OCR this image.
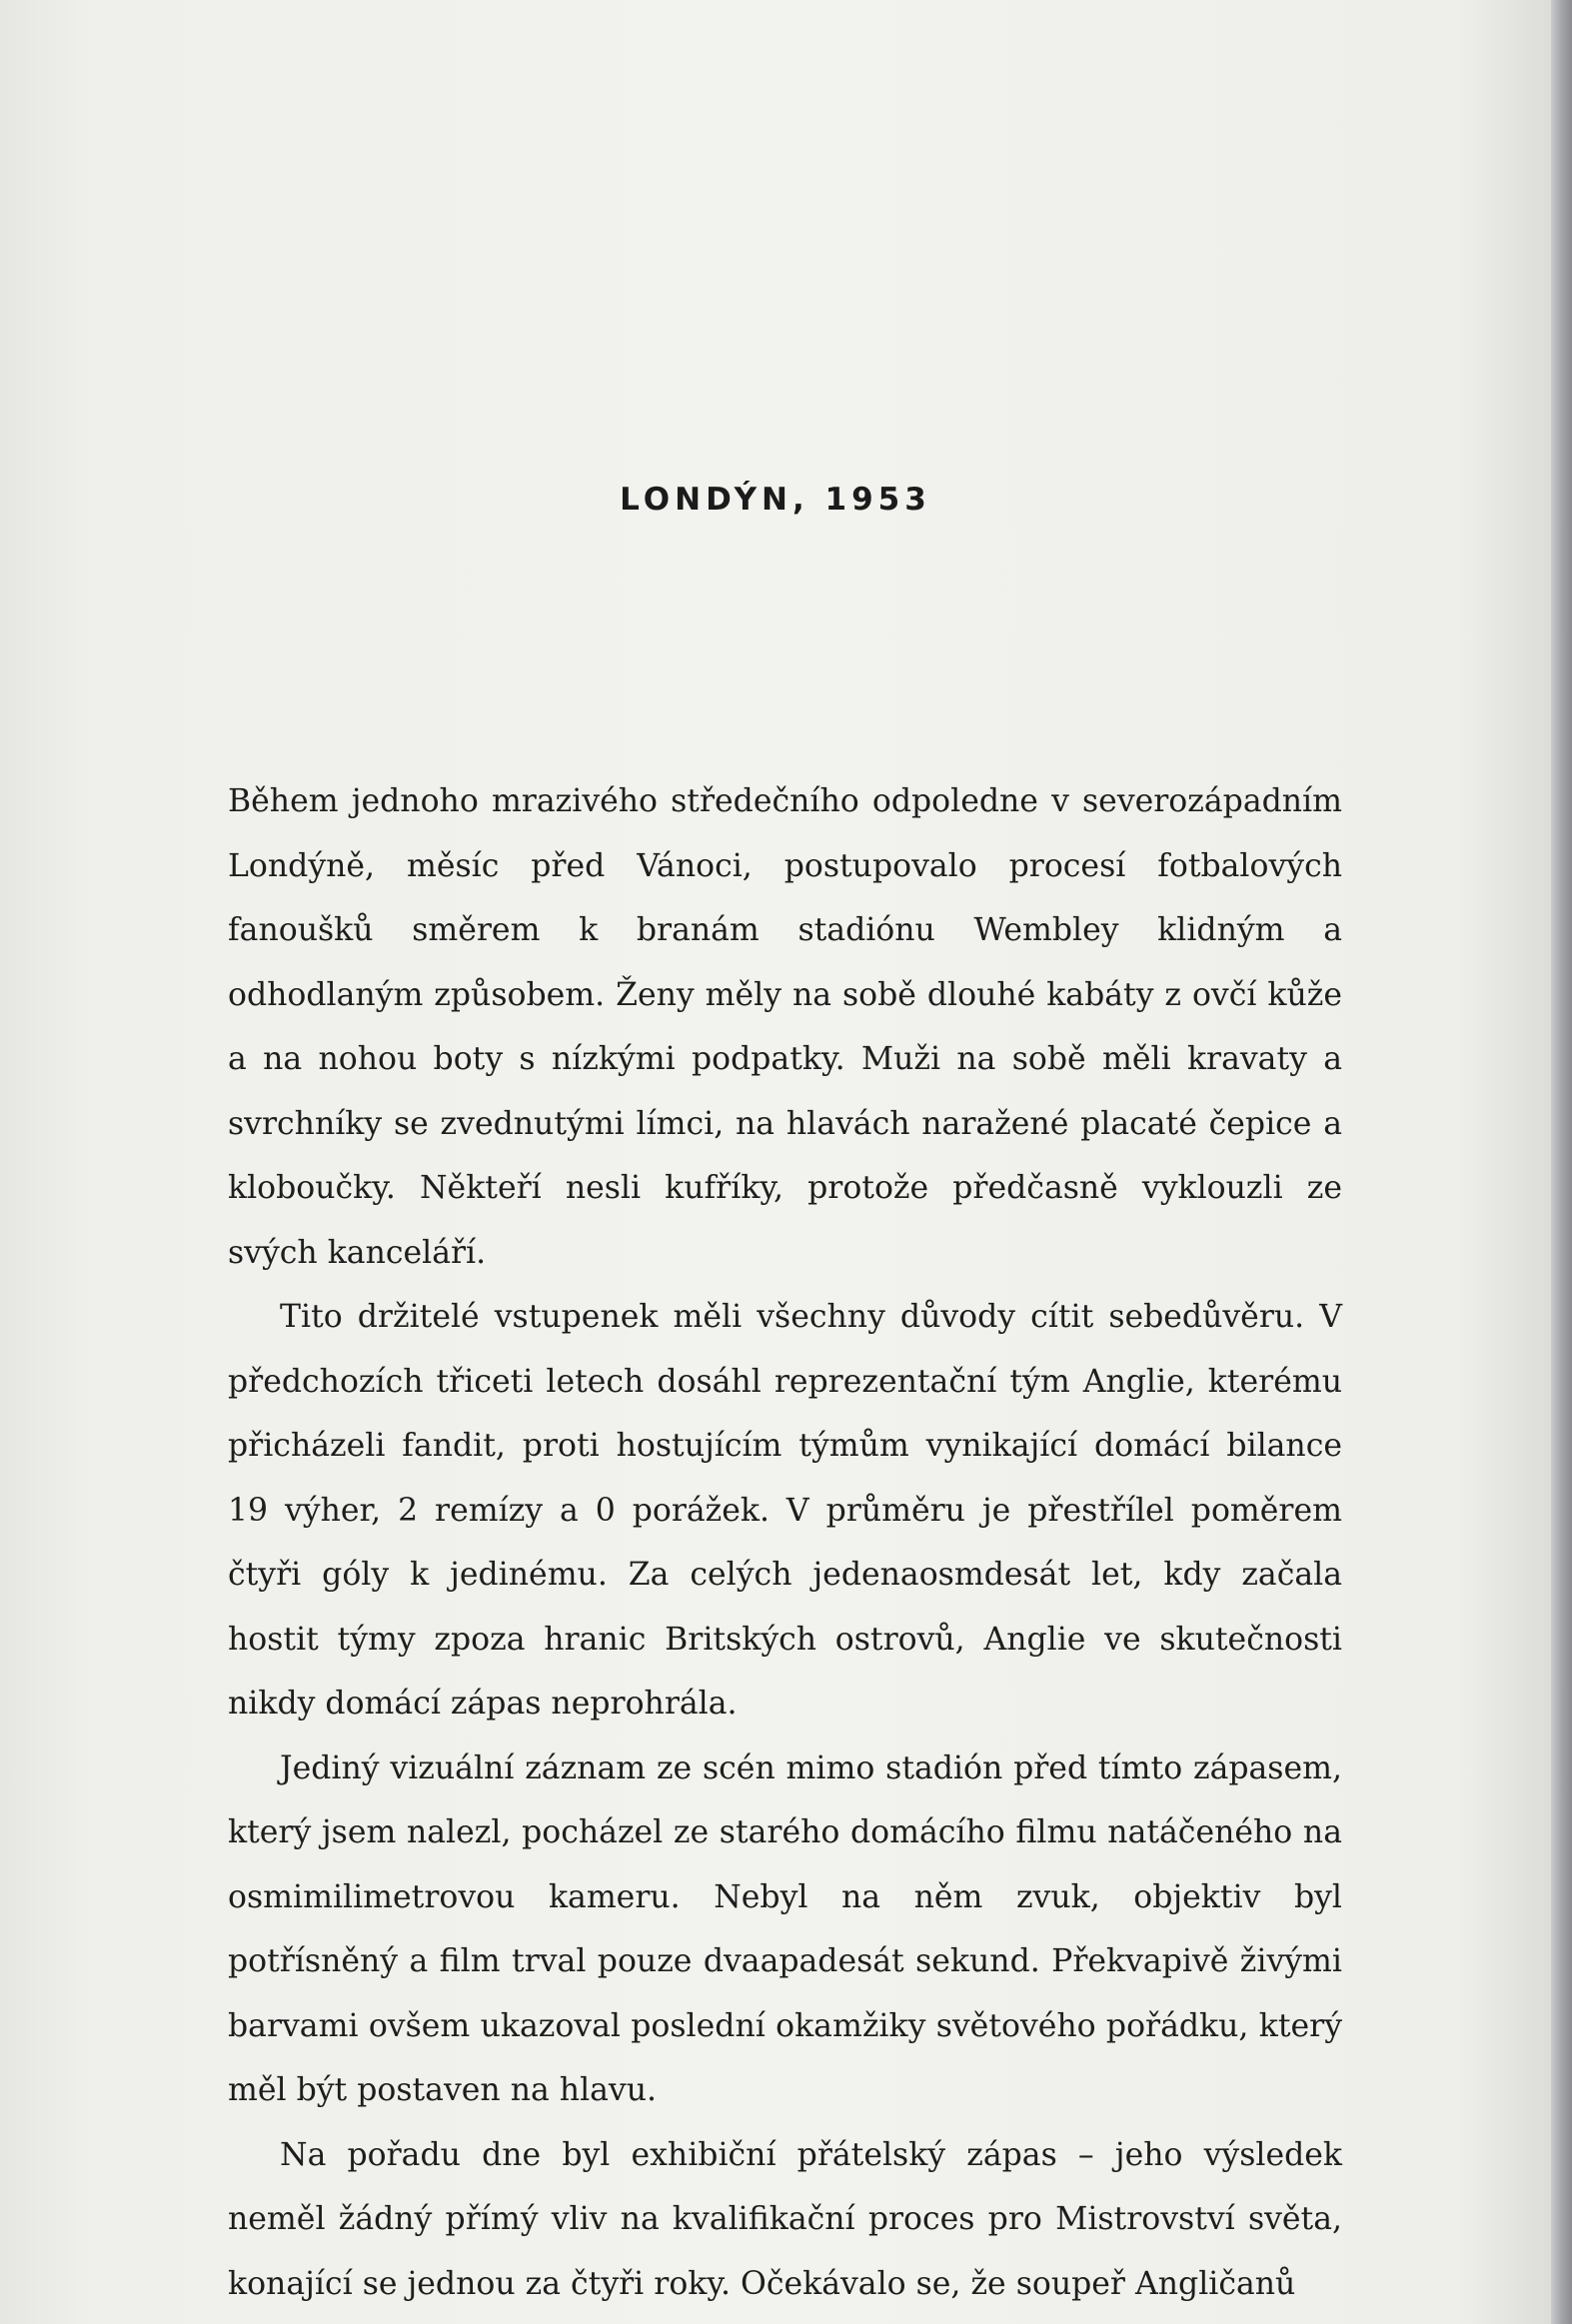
LONDÝN, 1953

Během jednoho mrazivého středečního odpoledne v severozápadním Londýně, měsíc před Vánoci, postupovalo procesí fotbalových fanoušků směrem k branám stadiónu Wembley klidným a odhodlaným způsobem. Ženy měly na sobě dlouhé kabáty z ovčí kůže a na nohou boty s nízkými podpatky. Muži na sobě měli kravaty a svrchníky se zvednutými límci, na hlavách naražené placaté čepice a kloboučky. Někteří nesli kufříky, protože předčasně vyklouzli ze svých kanceláří.

Tito držitelé vstupenek měli všechny důvody cítit sebedůvěru. V předchozích třiceti letech dosáhl reprezentační tým Anglie, kterému přicházeli fandit, proti hostujícím týmům vynikající domácí bilance 19 výher, 2 remízy a 0 porážek. V průměru je přestřílel poměrem čtyři góly k jedinému. Za celých jedenaosmdesát let, kdy začala hostit týmy zpoza hranic Britských ostrovů, Anglie ve skutečnosti nikdy domácí zápas neprohrála.

Jediný vizuální záznam ze scén mimo stadión před tímto zápasem, který jsem nalezl, pocházel ze starého domácího filmu natáčeného na osmimilimetrovou kameru. Nebyl na něm zvuk, objektiv byl potřísněný a film trval pouze dvaapadesát sekund. Překvapivě živými barvami ovšem ukazoval poslední okamžiky světového pořádku, který měl být postaven na hlavu.

Na pořadu dne byl exhibiční přátelský zápas – jeho výsledek neměl žádný přímý vliv na kvalifikační proces pro Mistrovství světa, konající se jednou za čtyři roky. Očekávalo se, že soupeř Angličanů
